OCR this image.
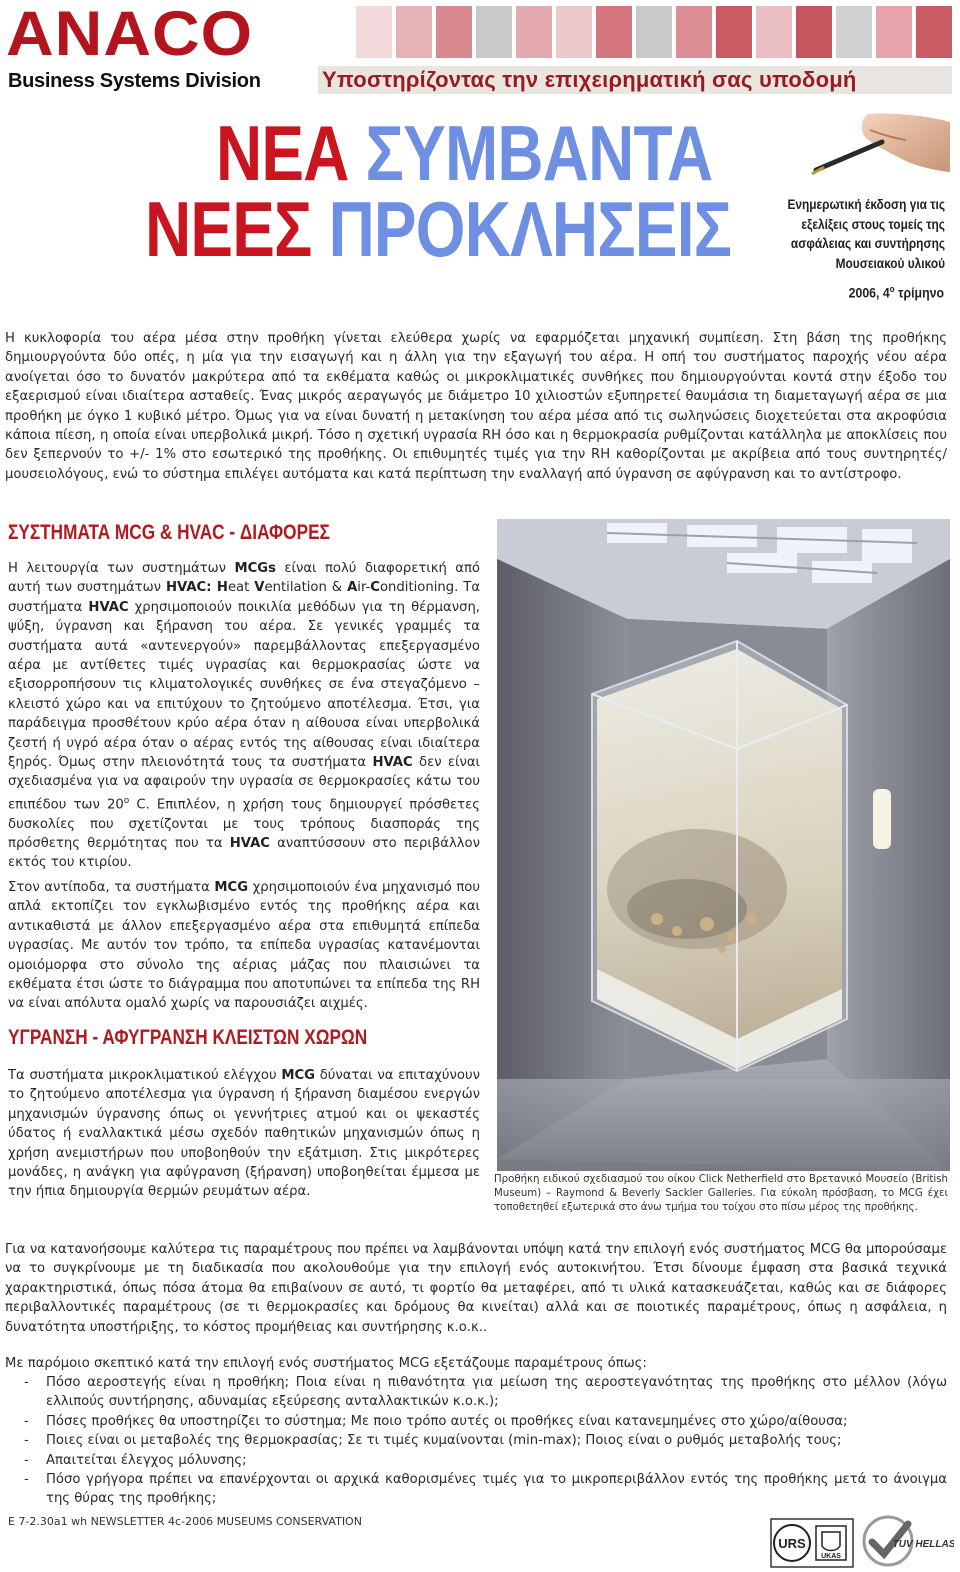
ANACO
Business Systems Division	Υποστηρίζοντας την επιχειρηματική σας υποδομή
ΝΕΑ ΣΥΜΒΑΝΤΑ
ΝΕΕΣ ΠΡΟΚΛΗΣΕΙΣ	Ενημερωτική έκδοση για τις
εξελίξεις στους τομείς της
ασφάλειας και συντήρησης
Μουσειακού υλικού
2006, $4^o$ τρίμηνο
Η κυκλοφορία του αέρα μέσα στην προθήκη γίνεται ελεύθερα χωρίς να εφαρμόζεται μηχανική συμπίεση. Στη βάση της προθήκης δημιουργούντα δύο οπές, η μία για την εισαγωγή και η άλλη για την εξαγωγή του αέρα. Η οπή του συστήματος παροχής νέου αέρα ανοίγεται όσο το δυνατόν μακρύτερα από τα εκθέματα καθώς οι μικροκλιματικές συνθήκες που δημιουργούνται κοντά στην έξοδο του εξαερισμού είναι ιδιαίτερα ασταθείς. Ένας μικρός αεραγωγός με διάμετρο 10 χιλιοστών εξυπηρετεί θαυμάσια τη διαμεταγωγή αέρα σε μια προθήκη με όγκο 1 κυβικό μέτρο. Όμως για να είναι δυνατή η μετακίνηση του αέρα μέσα από τις σωληνώσεις διοχετεύεται στα ακροφύσια κάποια πίεση, η οποία είναι υπερβολικά μικρή. Τόσο η σχετική υγρασία RH όσο και η θερμοκρασία ρυθμίζονται κατάλληλα με αποκλίσεις που δεν ξεπερνούν το +/- 1% στο εσωτερικό της προθήκης. Οι επιθυμητές τιμές για την RH καθορίζονται με ακρίβεια από τους συντηρητές/ μουσειολόγους, ενώ το σύστημα επιλέγει αυτόματα και κατά περίπτωση την εναλλαγή από ύγρανση σε αφύγρανση και το αντίστροφο.
ΣΥΣΤΗΜΑΤΑ MCG & HVAC - ΔΙΑΦΟΡΕΣ
Η λειτουργία των συστημάτων MCGs είναι πολύ διαφορετική από αυτή των συστημάτων HVAC: Heat Ventilation & Air-Conditioning. Τα συστήματα HVAC χρησιμοποιούν ποικιλία μεθόδων για τη θέρμανση, ψύξη, ύγρανση και ξήρανση του αέρα. Σε γενικές γραμμές τα συστήματα αυτά «αντενεργούν» παρεμβάλλοντας επεξεργασμένο αέρα με αντίθετες τιμές υγρασίας και θερμοκρασίας ώστε να εξισορροπήσουν τις κλιματολογικές συνθήκες σε ένα στεγαζόμενο – κλειστό χώρο και να επιτύχουν το ζητούμενο αποτέλεσμα. Έτσι, για παράδειγμα προσθέτουν κρύο αέρα όταν η αίθουσα είναι υπερβολικά ζεστή ή υγρό αέρα όταν ο αέρας εντός της αίθουσας είναι ιδιαίτερα ξηρός. Όμως στην πλειονότητά τους τα συστήματα HVAC δεν είναι σχεδιασμένα για να αφαιρούν την υγρασία σε θερμοκρασίες κάτω του επιπέδου των $20^o$ C. Επιπλέον, η χρήση τους δημιουργεί πρόσθετες δυσκολίες που σχετίζονται με τους τρόπους διασποράς της πρόσθετης θερμότητας που τα HVAC αναπτύσσουν στο περιβάλλον εκτός του κτιρίου.
Στον αντίποδα, τα συστήματα MCG χρησιμοποιούν ένα μηχανισμό που απλά εκτοπίζει τον εγκλωβισμένο εντός της προθήκης αέρα και αντικαθιστά με άλλον επεξεργασμένο αέρα στα επιθυμητά επίπεδα υγρασίας. Με αυτόν τον τρόπο, τα επίπεδα υγρασίας κατανέμονται ομοιόμορφα στο σύνολο της αέριας μάζας που πλαισιώνει τα εκθέματα έτσι ώστε το διάγραμμα που αποτυπώνει τα επίπεδα της RH να είναι απόλυτα ομαλό χωρίς να παρουσιάζει αιχμές.
ΥΓΡΑΝΣΗ - ΑΦΥΓΡΑΝΣΗ ΚΛΕΙΣΤΩΝ ΧΩΡΩΝ
Τα συστήματα μικροκλιματικού ελέγχου MCG δύναται να επιταχύνουν το ζητούμενο αποτέλεσμα για ύγρανση ή ξήρανση διαμέσου ενεργών μηχανισμών ύγρανσης όπως οι γεννήτριες ατμού και οι ψεκαστές ύδατος ή εναλλακτικά μέσω σχεδόν παθητικών μηχανισμών όπως η χρήση ανεμιστήρων που υποβοηθούν την εξάτμιση. Στις μικρότερες μονάδες, η ανάγκη για αφύγρανση (ξήρανση) υποβοηθείται έμμεσα με την ήπια δημιουργία θερμών ρευμάτων αέρα.
Προθήκη ειδικού σχεδιασμού του οίκου Click Netherfield στο Βρετανικό Μουσείο (British Museum) – Raymond & Beverly Sackler Galleries. Για εύκολη πρόσβαση, το MCG έχει τοποθετηθεί εξωτερικά στο άνω τμήμα του τοίχου στο πίσω μέρος της προθήκης.
Για να κατανοήσουμε καλύτερα τις παραμέτρους που πρέπει να λαμβάνονται υπόψη κατά την επιλογή ενός συστήματος MCG θα μπορούσαμε να το συγκρίνουμε με τη διαδικασία που ακολουθούμε για την επιλογή ενός αυτοκινήτου. Έτσι δίνουμε έμφαση στα βασικά τεχνικά χαρακτηριστικά, όπως πόσα άτομα θα επιβαίνουν σε αυτό, τι φορτίο θα μεταφέρει, από τι υλικά κατασκευάζεται, καθώς και σε διάφορες περιβαλλοντικές παραμέτρους (σε τι θερμοκρασίες και δρόμους θα κινείται) αλλά και σε ποιοτικές παραμέτρους, όπως η ασφάλεια, η δυνατότητα υποστήριξης, το κόστος προμήθειας και συντήρησης κ.ο.κ..
Με παρόμοιο σκεπτικό κατά την επιλογή ενός συστήματος MCG εξετάζουμε παραμέτρους όπως:
- Πόσο αεροστεγής είναι η προθήκη; Ποια είναι η πιθανότητα για μείωση της αεροστεγανότητας της προθήκης στο μέλλον (λόγω ελλιπούς συντήρησης, αδυναμίας εξεύρεσης ανταλλακτικών κ.ο.κ.);
- Πόσες προθήκες θα υποστηρίζει το σύστημα; Με ποιο τρόπο αυτές οι προθήκες είναι κατανεμημένες στο χώρο/αίθουσα;
- Ποιες είναι οι μεταβολές της θερμοκρασίας; Σε τι τιμές κυμαίνονται (min-max); Ποιος είναι ο ρυθμός μεταβολής τους;
- Απαιτείται έλεγχος μόλυνσης;
- Πόσο γρήγορα πρέπει να επανέρχονται οι αρχικά καθορισμένες τιμές για το μικροπεριβάλλον εντός της προθήκης μετά το άνοιγμα της θύρας της προθήκης;
E 7-2.30a1 wh NEWSLETTER 4c-2006 MUSEUMS CONSERVATION
URS
UKAS
TUV HELLAS
